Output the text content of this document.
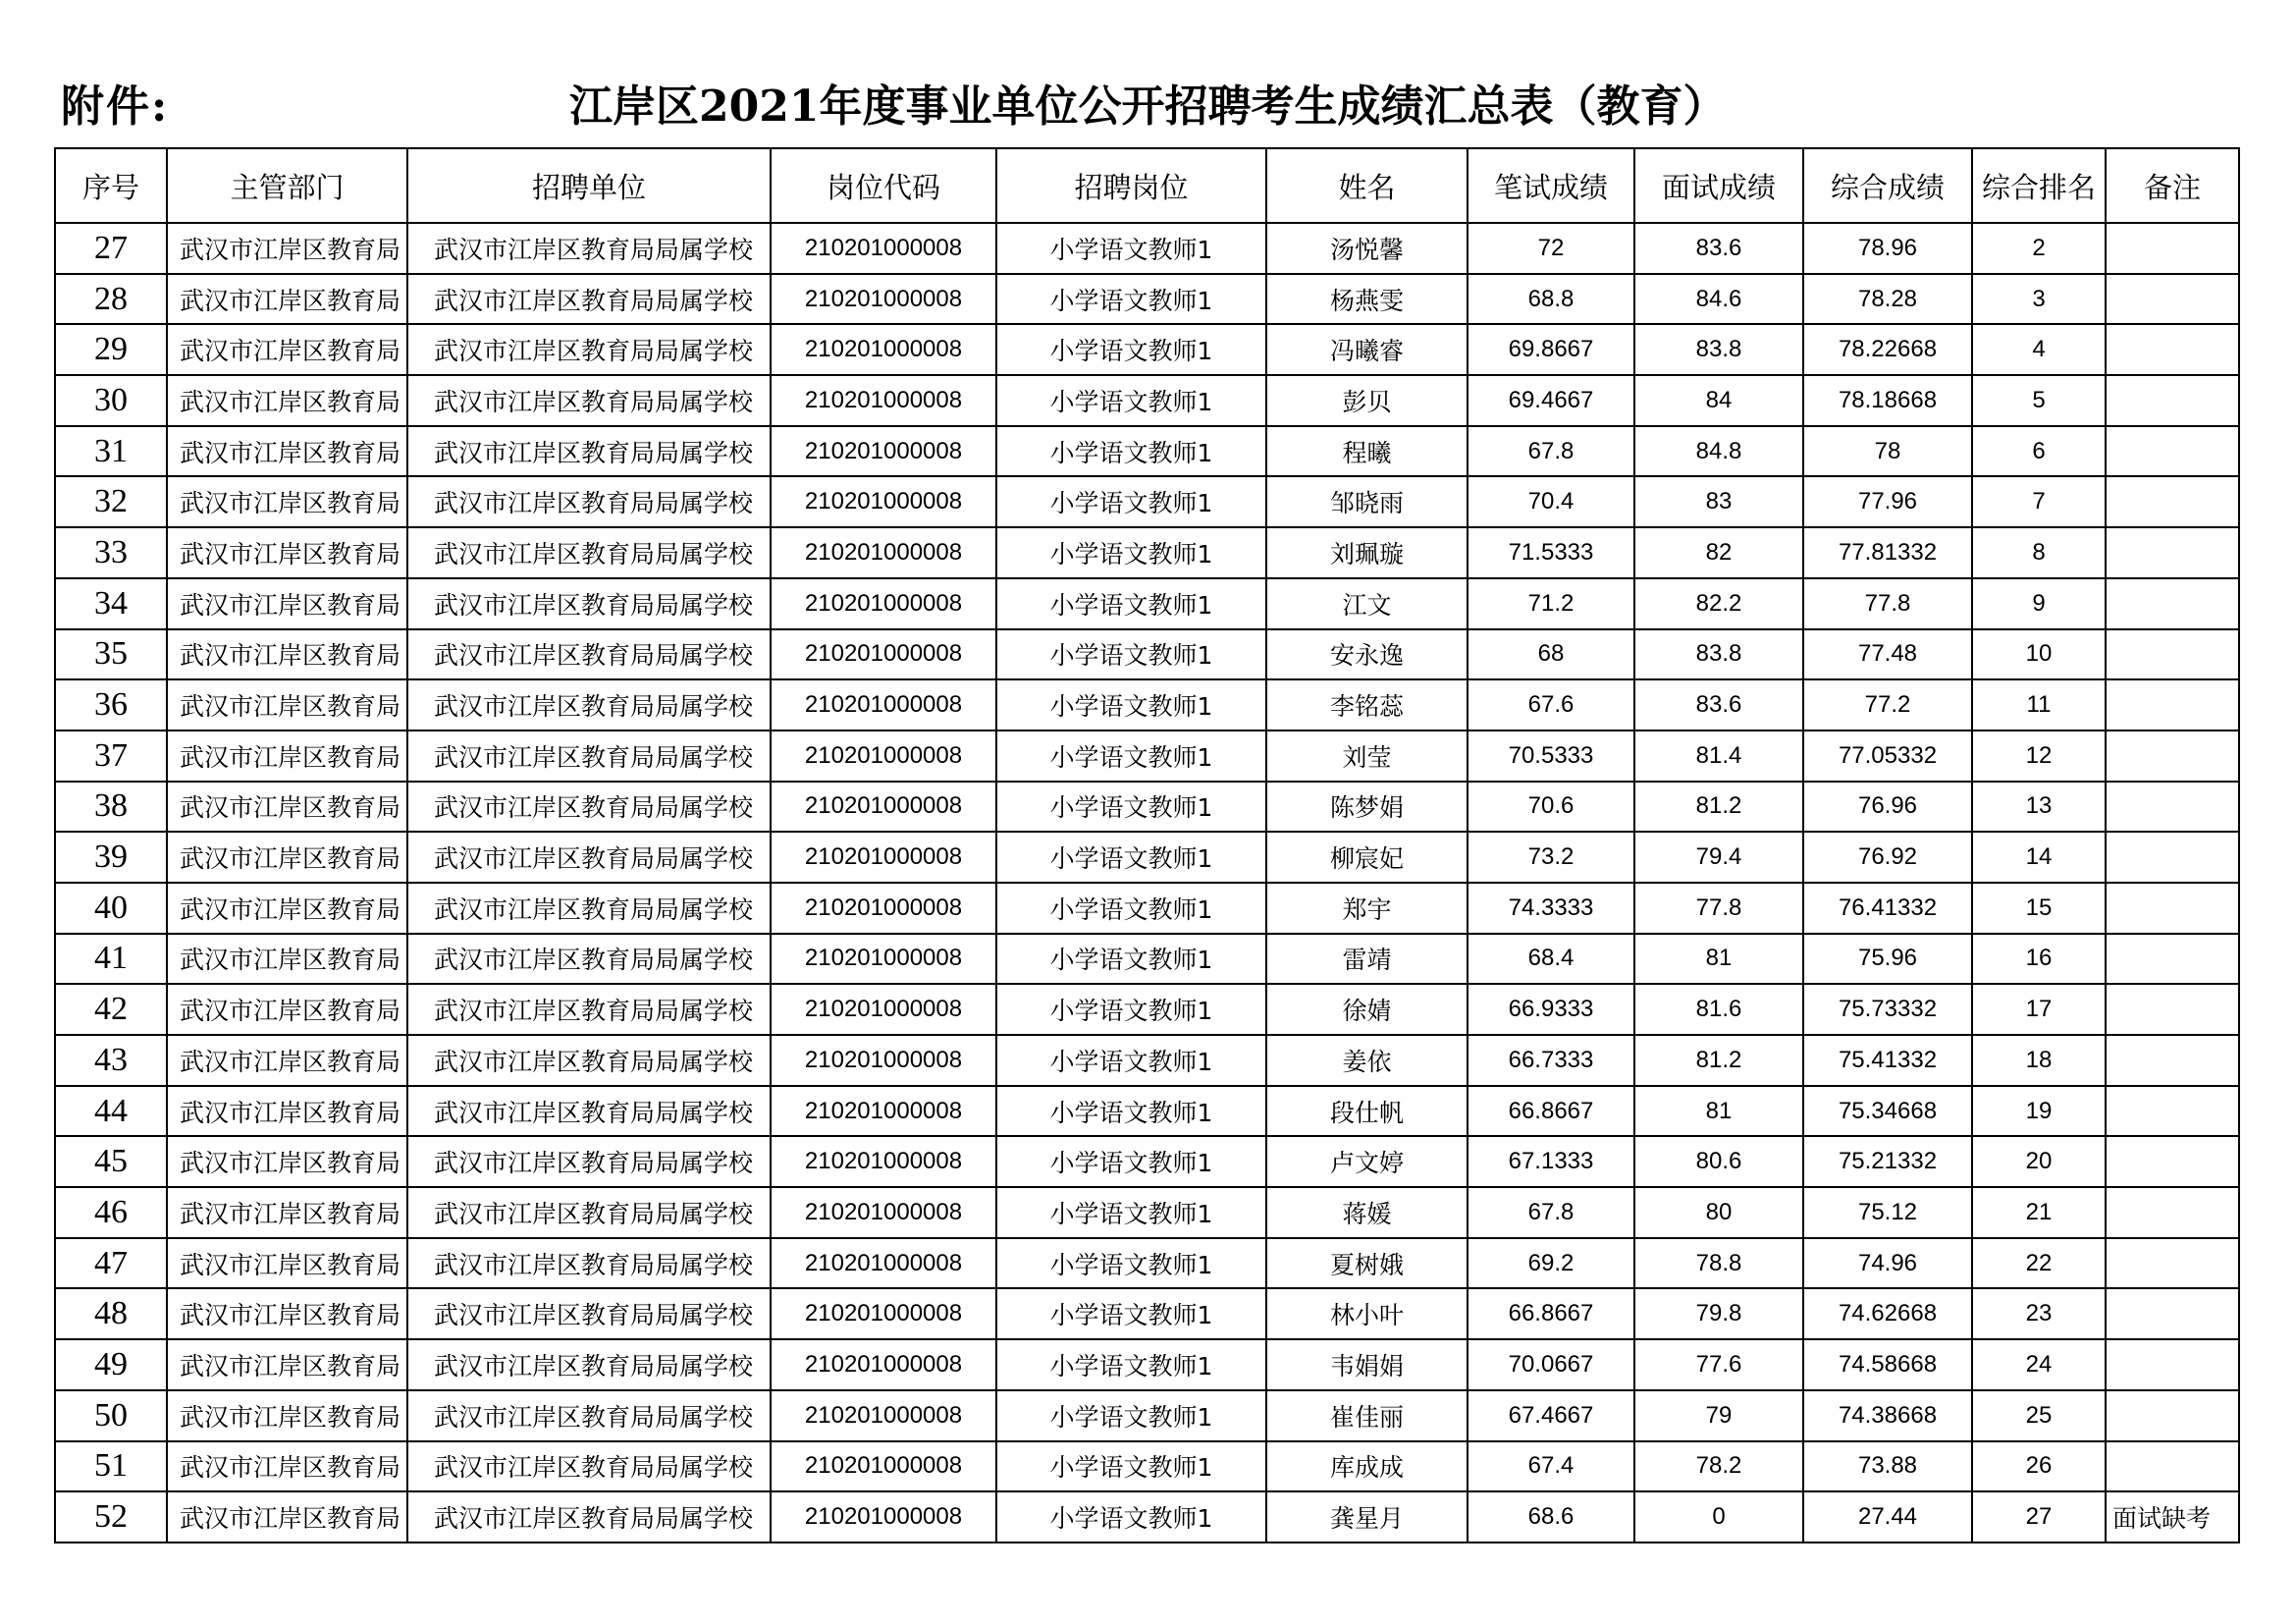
附件:	江岸区2021年度事业单位公开招聘考生成绩汇总表（教育）
序号	主管部门	招聘单位	岗位代码	招聘岗位	姓名	笔试成绩	面试成绩	综合成绩	综合排名	备注
27	武汉市江岸区教育局	武汉市江岸区教育局局属学校	210201000008	小学语文教师1	汤悦馨	72	83.6	78.96	2	
28	武汉市江岸区教育局	武汉市江岸区教育局局属学校	210201000008	小学语文教师1	杨燕雯	68.8	84.6	78.28	3	
29	武汉市江岸区教育局	武汉市江岸区教育局局属学校	210201000008	小学语文教师1	冯曦睿	69.8667	83.8	78.22668	4	
30	武汉市江岸区教育局	武汉市江岸区教育局局属学校	210201000008	小学语文教师1	彭贝	69.4667	84	78.18668	5	
31	武汉市江岸区教育局	武汉市江岸区教育局局属学校	210201000008	小学语文教师1	程曦	67.8	84.8	78	6	
32	武汉市江岸区教育局	武汉市江岸区教育局局属学校	210201000008	小学语文教师1	邹晓雨	70.4	83	77.96	7	
33	武汉市江岸区教育局	武汉市江岸区教育局局属学校	210201000008	小学语文教师1	刘珮璇	71.5333	82	77.81332	8	
34	武汉市江岸区教育局	武汉市江岸区教育局局属学校	210201000008	小学语文教师1	江文	71.2	82.2	77.8	9	
35	武汉市江岸区教育局	武汉市江岸区教育局局属学校	210201000008	小学语文教师1	安永逸	68	83.8	77.48	10	
36	武汉市江岸区教育局	武汉市江岸区教育局局属学校	210201000008	小学语文教师1	李铭蕊	67.6	83.6	77.2	11	
37	武汉市江岸区教育局	武汉市江岸区教育局局属学校	210201000008	小学语文教师1	刘莹	70.5333	81.4	77.05332	12	
38	武汉市江岸区教育局	武汉市江岸区教育局局属学校	210201000008	小学语文教师1	陈梦娟	70.6	81.2	76.96	13	
39	武汉市江岸区教育局	武汉市江岸区教育局局属学校	210201000008	小学语文教师1	柳宸妃	73.2	79.4	76.92	14	
40	武汉市江岸区教育局	武汉市江岸区教育局局属学校	210201000008	小学语文教师1	郑宇	74.3333	77.8	76.41332	15	
41	武汉市江岸区教育局	武汉市江岸区教育局局属学校	210201000008	小学语文教师1	雷靖	68.4	81	75.96	16	
42	武汉市江岸区教育局	武汉市江岸区教育局局属学校	210201000008	小学语文教师1	徐婧	66.9333	81.6	75.73332	17	
43	武汉市江岸区教育局	武汉市江岸区教育局局属学校	210201000008	小学语文教师1	姜依	66.7333	81.2	75.41332	18	
44	武汉市江岸区教育局	武汉市江岸区教育局局属学校	210201000008	小学语文教师1	段仕帆	66.8667	81	75.34668	19	
45	武汉市江岸区教育局	武汉市江岸区教育局局属学校	210201000008	小学语文教师1	卢文婷	67.1333	80.6	75.21332	20	
46	武汉市江岸区教育局	武汉市江岸区教育局局属学校	210201000008	小学语文教师1	蒋媛	67.8	80	75.12	21	
47	武汉市江岸区教育局	武汉市江岸区教育局局属学校	210201000008	小学语文教师1	夏树娥	69.2	78.8	74.96	22	
48	武汉市江岸区教育局	武汉市江岸区教育局局属学校	210201000008	小学语文教师1	林小叶	66.8667	79.8	74.62668	23	
49	武汉市江岸区教育局	武汉市江岸区教育局局属学校	210201000008	小学语文教师1	韦娟娟	70.0667	77.6	74.58668	24	
50	武汉市江岸区教育局	武汉市江岸区教育局局属学校	210201000008	小学语文教师1	崔佳丽	67.4667	79	74.38668	25	
51	武汉市江岸区教育局	武汉市江岸区教育局局属学校	210201000008	小学语文教师1	库成成	67.4	78.2	73.88	26	
52	武汉市江岸区教育局	武汉市江岸区教育局局属学校	210201000008	小学语文教师1	龚星月	68.6	0	27.44	27	面试缺考
